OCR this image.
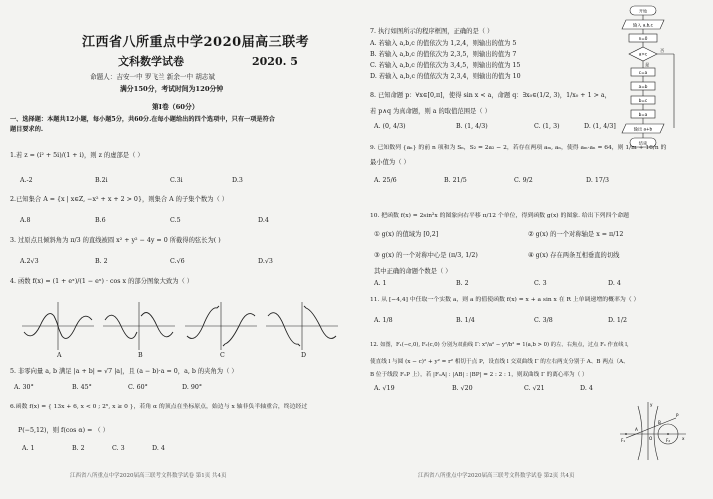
江西省八所重点中学2020届高三联考
文科数学试卷	2020. 5
命题人：吉安一中 罗飞兰 新余一中 胡志斌
满分150分，考试时间为120分钟
第Ⅰ卷（60分）
一、选择题：本题共12小题，每小题5分，共60分.在每小题给出的四个选项中，只有一项是符合
题目要求的.
1.若 z = (i² + 5i)/(1 + i)，则 z 的虚部是（ ）
A.-2	B.2i	C.3i	D.3
2.已知集合 A = {x | x∈Z, −x² + x + 2 > 0}，则集合 A 的子集个数为（ ）
A.8	B.6	C.5	D.4
3. 过原点且倾斜角为 π/3 的直线被圆 x² + y² − 4y = 0 所截得的弦长为( )
A.2√3	B. 2	C.√6	D.√3
4. 函数 f(x) = (1 + eˣ)/(1 − eˣ) · cos x 的部分图象大致为（ ）
A	B	C	D
5. 非零向量 a, b 满足 |a + b| = √7 |a|，且 (a − b)·a = 0，a, b 的夹角为（ ）
A. 30°	B. 45°	C. 60°	D. 90°
6.函数 f(x) = { 13x + 6, x < 0 ; 2ˣ, x ≥ 0 }，若角 α 的顶点在坐标原点，始边与 x 轴非负半轴重合，终边经过
P(−5,12)，则 f(cos α) = （ ）
A. 1	B. 2	C. 3	D. 4
江西省八所重点中学2020届高三联考文科数学试卷 第1页 共4页
7. 执行如图所示的程序框图，正确的是（ ）
A. 若输入 a,b,c 的值依次为 1,2,4，则输出的值为 5
B. 若输入 a,b,c 的值依次为 2,3,5，则输出的值为 7
C. 若输入 a,b,c 的值依次为 3,4,5，则输出的值为 15
D. 若输入 a,b,c 的值依次为 2,3,4，则输出的值为 10
开始
输入 a,b,c
n=0
a>c
否
是
c=a
a=b
b=c
b=a
输出 a+b
结束
8. 已知命题 p：∀x∈[0,π]，使得 sin x < a，命题 q：∃x₀∈(1/2, 3)，1/x₀ + 1 > a，
若 p∧q 为真命题，则 a 的取值范围是（ ）
A. (0, 4/3)	B. (1, 4/3)	C. (1, 3)	D. (1, 4/3]
9. 已知数列 {aₙ} 的前 n 项和为 Sₙ，S₂ = 2a₂ − 2，若存在两项 aₘ, aₙ，使得 aₘ·aₙ = 64，则 1/m + 16/n 的
最小值为（ ）
A. 25/6	B. 21/5	C. 9/2	D. 17/3
10. 把函数 f(x) = 2sin²x 的图象向右平移 π/12 个单位，得到函数 g(x) 的图象. 给出下列四个命题
① g(x) 的值域为 [0,2]	② g(x) 的一个对称轴是 x = π/12
③ g(x) 的一个对称中心是 (π/3, 1/2)	④ g(x) 存在两条互相垂直的切线
其中正确的命题个数是（ ）
A. 1	B. 2	C. 3	D. 4
11. 从 [−4,4] 中任取一个实数 a，则 a 的值使函数 f(x) = x + a sin x 在 R 上单调递增的概率为（ ）
A. 1/8	B. 1/4	C. 3/8	D. 1/2
12. 如图，F₁(−c,0), F₂(c,0) 分别为双曲线 Γ: x²/a² − y²/b² = 1(a,b > 0) 的左、右焦点，过点 F₁ 作直线 l，
使直线 l 与圆 (x − c)² + y² = r² 相切于点 P，设直线 l 交双曲线 Γ 的左右两支分别于 A、B 两点（A、
B 位于线段 F₁P 上），若 |F₁A| : |AB| : |BP| = 2 : 2 : 1，则双曲线 Γ 的离心率为（ ）
A. √19	B. √20	C. √21	D. 4
y
x
O
F₁	F₂
P
A
B
江西省八所重点中学2020届高三联考文科数学试卷 第2页 共4页
